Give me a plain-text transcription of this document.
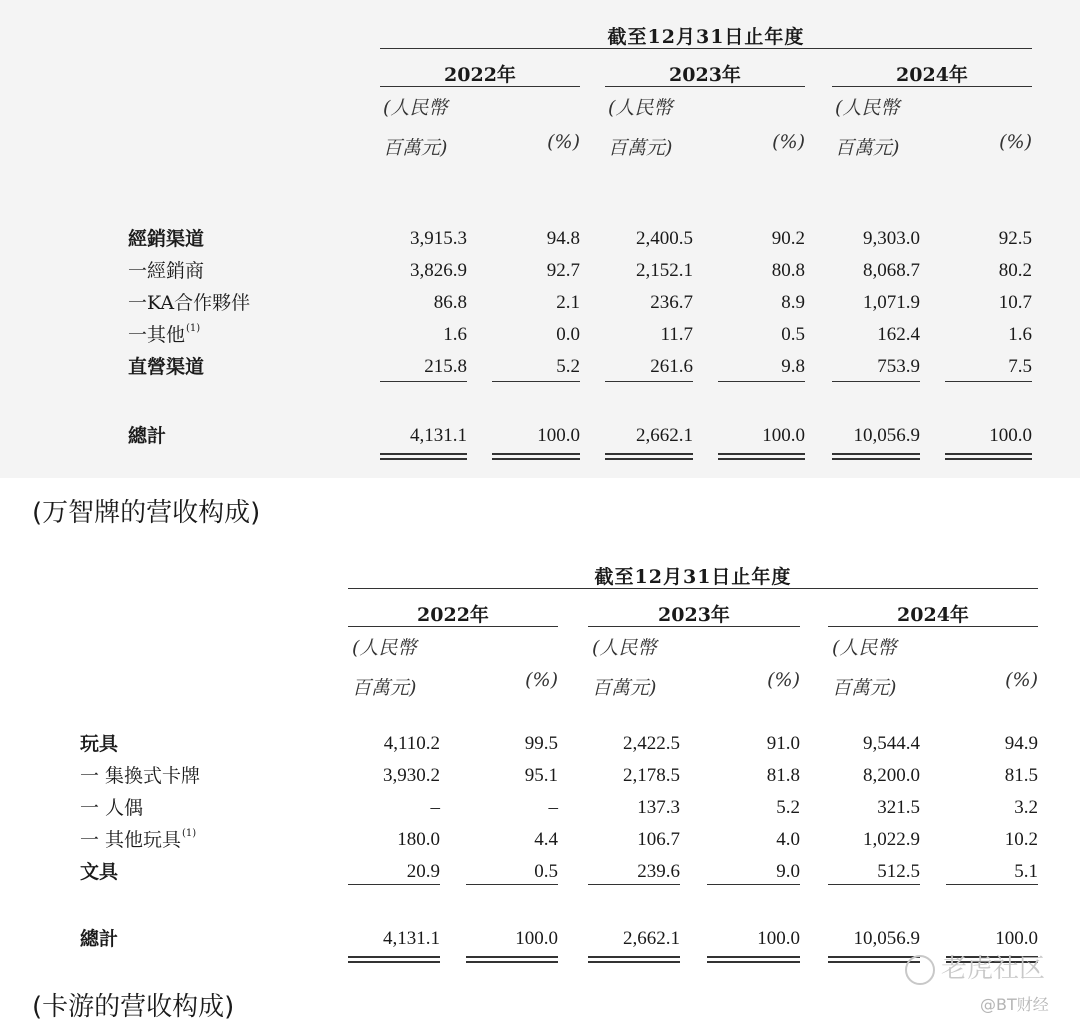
截至12月31日止年度
2022年	2023年	2024年
(人民幣
百萬元)	(%)
(人民幣
百萬元)	(%)
(人民幣
百萬元)	(%)
經銷渠道	3,915.3	94.8	2,400.5	90.2	9,303.0	92.5
一經銷商	3,826.9	92.7	2,152.1	80.8	8,068.7	80.2
一KA合作夥伴	86.8	2.1	236.7	8.9	1,071.9	10.7
一其他 (1)	1.6	0.0	11.7	0.5	162.4	1.6
直營渠道	215.8	5.2	261.6	9.8	753.9	7.5
總計	4,131.1	100.0	2,662.1	100.0	10,056.9	100.0
(万智牌的营收构成)
截至12月31日止年度
2022年	2023年	2024年
(人民幣
百萬元)	(%)
(人民幣
百萬元)	(%)
(人民幣
百萬元)	(%)
玩具	4,110.2	99.5	2,422.5	91.0	9,544.4	94.9
一 集換式卡牌	3,930.2	95.1	2,178.5	81.8	8,200.0	81.5
一 人偶	–	–	137.3	5.2	321.5	3.2
一 其他玩具 (1)	180.0	4.4	106.7	4.0	1,022.9	10.2
文具	20.9	0.5	239.6	9.0	512.5	5.1
總計	4,131.1	100.0	2,662.1	100.0	10,056.9	100.0
(卡游的营收构成)
老虎社区
@BT财经
